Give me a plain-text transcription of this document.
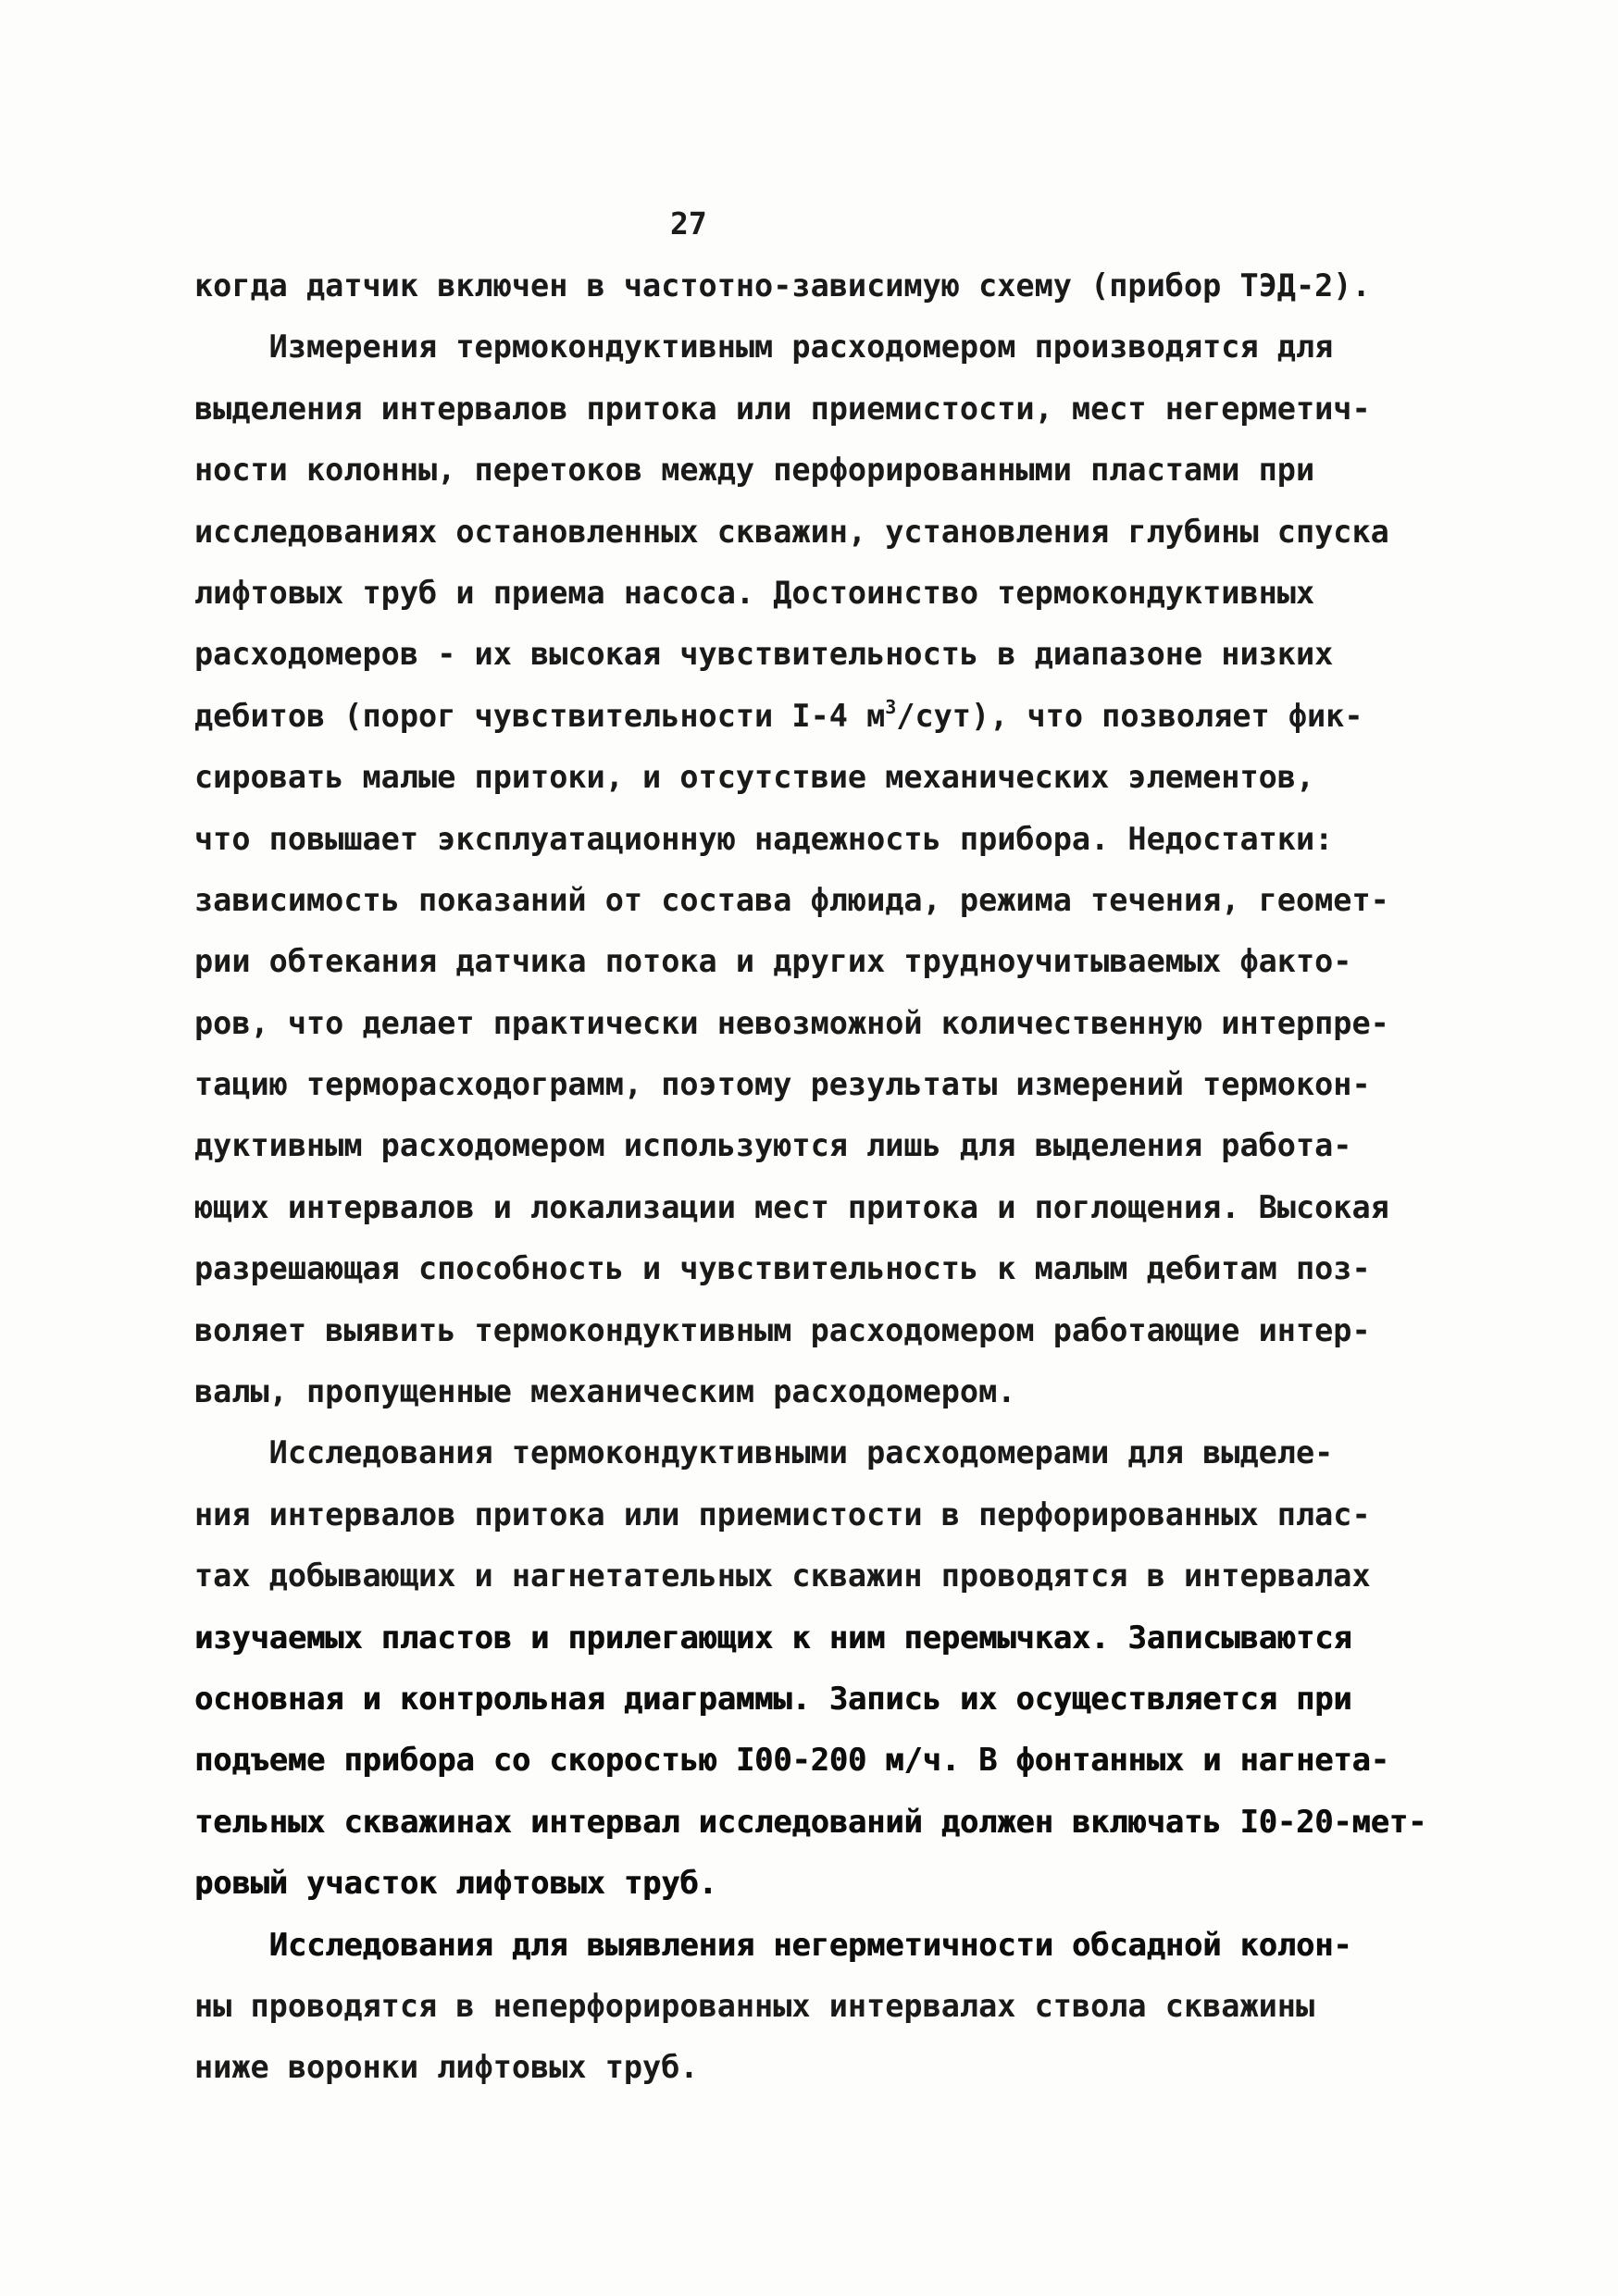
27
когда датчик включен в частотно-зависимую схему (прибор ТЭД-2).
Измерения термокондуктивным расходомером производятся для
выделения интервалов притока или приемистости, мест негерметич-
ности колонны, перетоков между перфорированными пластами при
исследованиях остановленных скважин, установления глубины спуска
лифтовых труб и приема насоса. Достоинство термокондуктивных
расходомеров - их высокая чувствительность в диапазоне низких
дебитов (порог чувствительности I-4 $м^3/сут$), что позволяет фик-
сировать малые притоки, и отсутствие механических элементов,
что повышает эксплуатационную надежность прибора. Недостатки:
зависимость показаний от состава флюида, режима течения, геомет-
рии обтекания датчика потока и других трудноучитываемых факто-
ров, что делает практически невозможной количественную интерпре-
тацию терморасходограмм, поэтому результаты измерений термокон-
дуктивным расходомером используются лишь для выделения работа-
ющих интервалов и локализации мест притока и поглощения. Высокая
разрешающая способность и чувствительность к малым дебитам поз-
воляет выявить термокондуктивным расходомером работающие интер-
валы, пропущенные механическим расходомером.
Исследования термокондуктивными расходомерами для выделе-
ния интервалов притока или приемистости в перфорированных плас-
тах добывающих и нагнетательных скважин проводятся в интервалах
изучаемых пластов и прилегающих к ним перемычках. Записываются
основная и контрольная диаграммы. Запись их осуществляется при
подъеме прибора со скоростью I00-200 м/ч. В фонтанных и нагнета-
тельных скважинах интервал исследований должен включать I0-20-мет-
ровый участок лифтовых труб.
Исследования для выявления негерметичности обсадной колон-
ны проводятся в неперфорированных интервалах ствола скважины
ниже воронки лифтовых труб.
